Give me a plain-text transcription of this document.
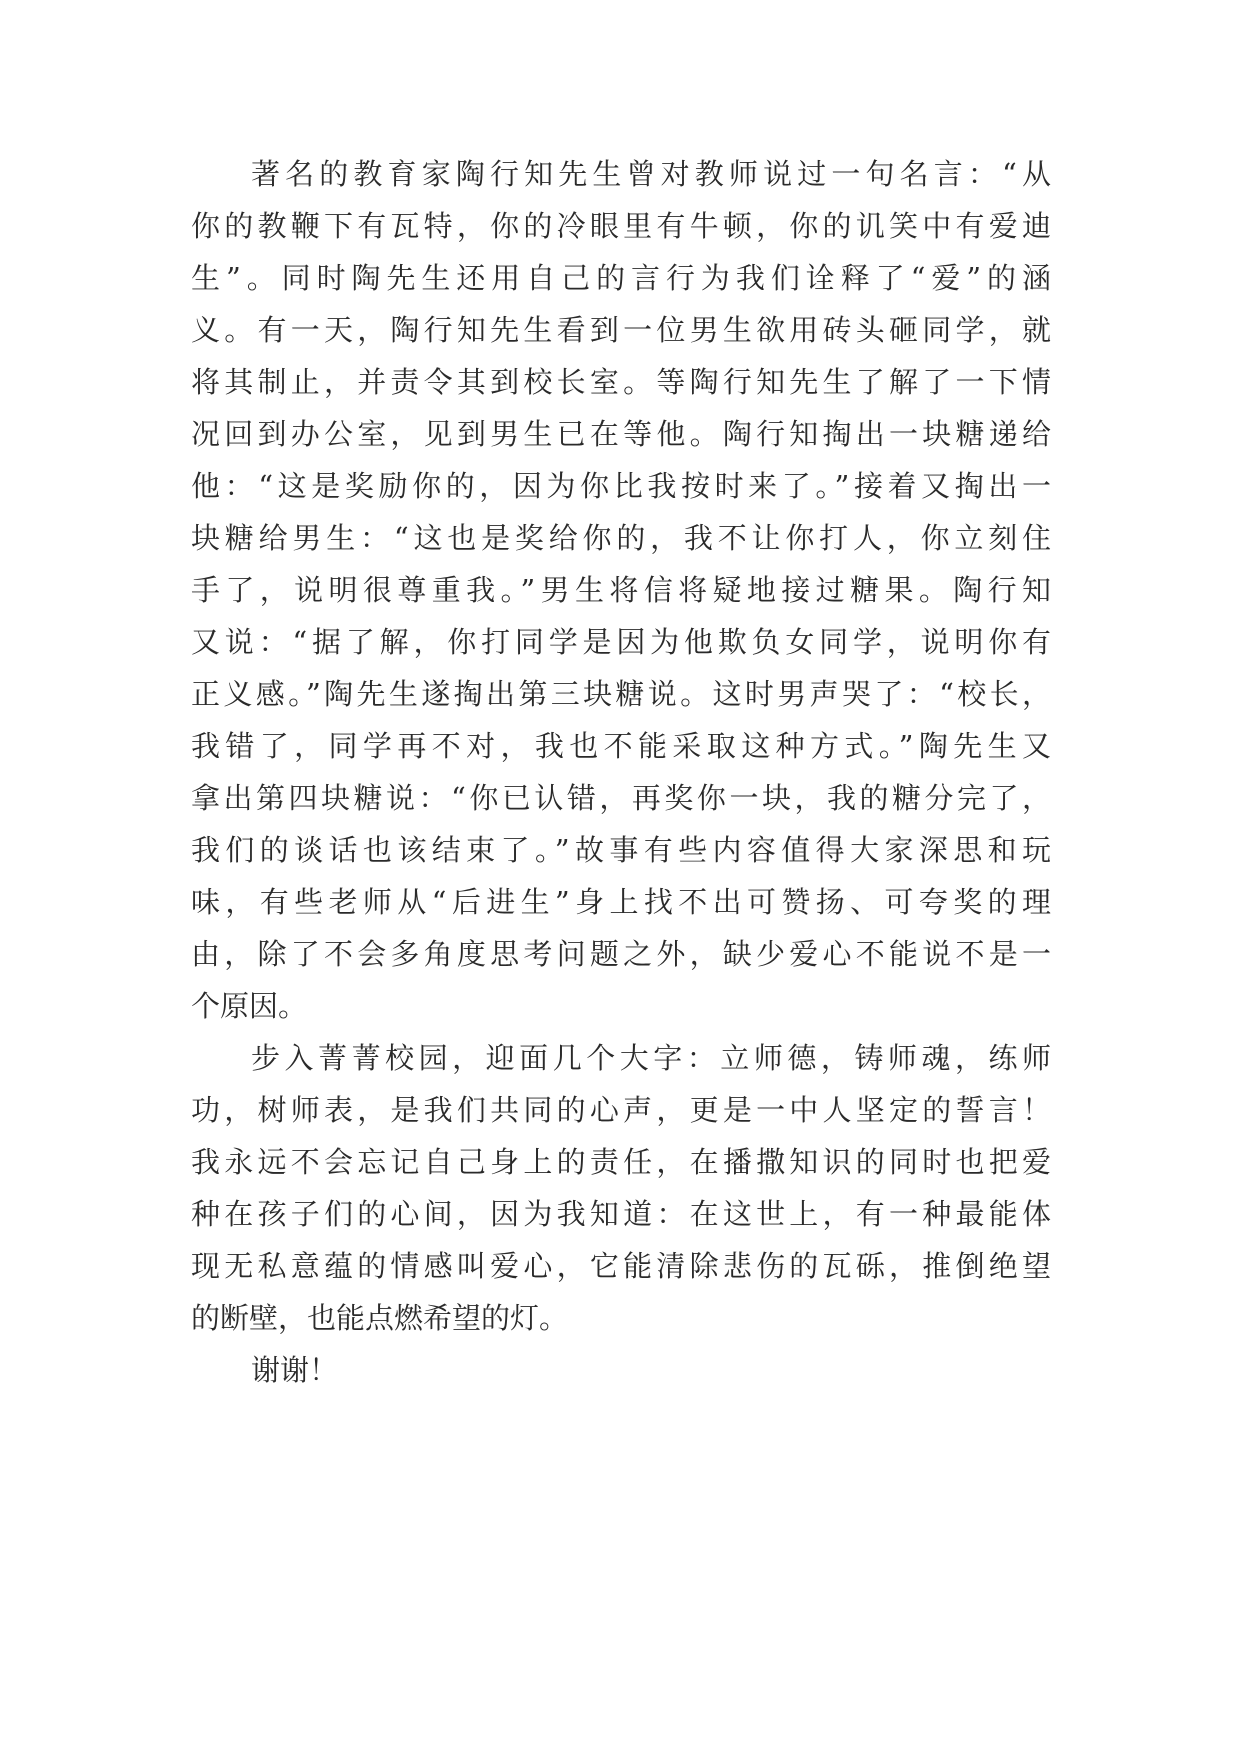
著名的教育家陶行知先生曾对教师说过一句名言：“从
你的教鞭下有瓦特，你的冷眼里有牛顿，你的讥笑中有爱迪
生”。同时陶先生还用自己的言行为我们诠释了“爱”的涵
义。有一天，陶行知先生看到一位男生欲用砖头砸同学，就
将其制止，并责令其到校长室。等陶行知先生了解了一下情
况回到办公室，见到男生已在等他。陶行知掏出一块糖递给
他：“这是奖励你的，因为你比我按时来了。”接着又掏出一
块糖给男生：“这也是奖给你的，我不让你打人，你立刻住
手了，说明很尊重我。”男生将信将疑地接过糖果。陶行知
又说：“据了解，你打同学是因为他欺负女同学，说明你有
正义感。”陶先生遂掏出第三块糖说。这时男声哭了：“校长，
我错了，同学再不对，我也不能采取这种方式。”陶先生又
拿出第四块糖说：“你已认错，再奖你一块，我的糖分完了，
我们的谈话也该结束了。”故事有些内容值得大家深思和玩
味，有些老师从“后进生”身上找不出可赞扬、可夸奖的理
由，除了不会多角度思考问题之外，缺少爱心不能说不是一
个原因。
步入菁菁校园，迎面几个大字：立师德，铸师魂，练师
功，树师表，是我们共同的心声，更是一中人坚定的誓言！
我永远不会忘记自己身上的责任，在播撒知识的同时也把爱
种在孩子们的心间，因为我知道：在这世上，有一种最能体
现无私意蕴的情感叫爱心，它能清除悲伤的瓦砾，推倒绝望
的断壁，也能点燃希望的灯。
谢谢！
